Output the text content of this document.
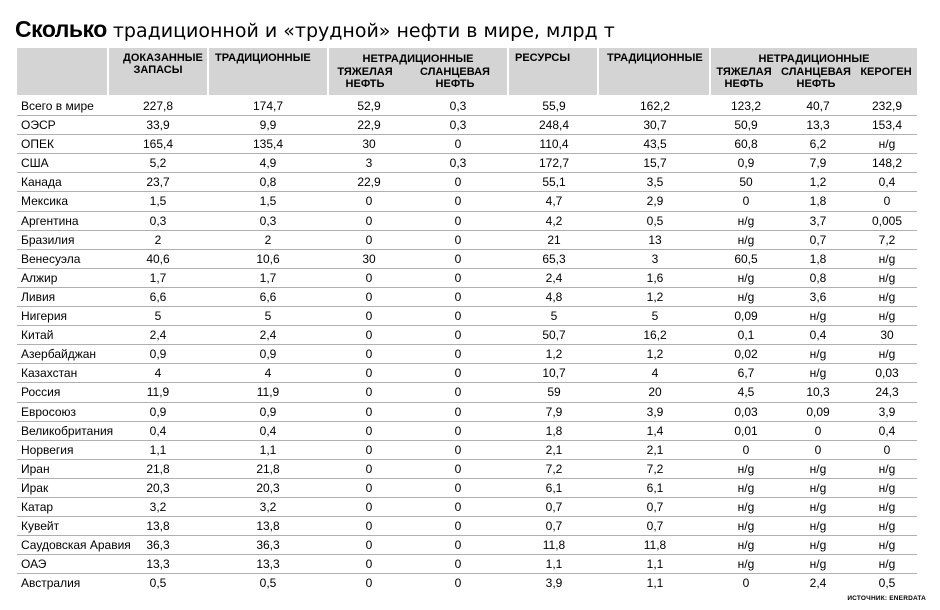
Сколько традиционной и «трудной» нефти в мире, млрд т
ДОКАЗАННЫЕ ЗАПАСЫ
ТРАДИЦИОННЫЕ	НЕТРАДИЦИОННЫЕ
ТЯЖЕЛАЯ НЕФТЬ
СЛАНЦЕВАЯ НЕФТЬ
РЕСУРСЫ	ТРАДИЦИОННЫЕ	НЕТРАДИЦИОННЫЕ
ТЯЖЕЛАЯ НЕФТЬ
СЛАНЦЕВАЯ НЕФТЬ
КЕРОГЕН
Всего в мире	227,8	174,7	52,9	0,3	55,9	162,2	123,2	40,7	232,9
ОЭСР	33,9	9,9	22,9	0,3	248,4	30,7	50,9	13,3	153,4
ОПЕК	165,4	135,4	30	0	110,4	43,5	60,8	6,2	н/g
США	5,2	4,9	3	0,3	172,7	15,7	0,9	7,9	148,2
Канада	23,7	0,8	22,9	0	55,1	3,5	50	1,2	0,4
Мексика	1,5	1,5	0	0	4,7	2,9	0	1,8	0
Аргентина	0,3	0,3	0	0	4,2	0,5	н/g	3,7	0,005
Бразилия	2	2	0	0	21	13	н/g	0,7	7,2
Венесуэла	40,6	10,6	30	0	65,3	3	60,5	1,8	н/g
Алжир	1,7	1,7	0	0	2,4	1,6	н/g	0,8	н/g
Ливия	6,6	6,6	0	0	4,8	1,2	н/g	3,6	н/g
Нигерия	5	5	0	0	5	5	0,09	н/g	н/g
Китай	2,4	2,4	0	0	50,7	16,2	0,1	0,4	30
Азербайджан	0,9	0,9	0	0	1,2	1,2	0,02	н/g	н/g
Казахстан	4	4	0	0	10,7	4	6,7	н/g	0,03
Россия	11,9	11,9	0	0	59	20	4,5	10,3	24,3
Евросоюз	0,9	0,9	0	0	7,9	3,9	0,03	0,09	3,9
Великобритания	0,4	0,4	0	0	1,8	1,4	0,01	0	0,4
Норвегия	1,1	1,1	0	0	2,1	2,1	0	0	0
Иран	21,8	21,8	0	0	7,2	7,2	н/g	н/g	н/g
Ирак	20,3	20,3	0	0	6,1	6,1	н/g	н/g	н/g
Катар	3,2	3,2	0	0	0,7	0,7	н/g	н/g	н/g
Кувейт	13,8	13,8	0	0	0,7	0,7	н/g	н/g	н/g
Саудовская Аравия	36,3	36,3	0	0	11,8	11,8	н/g	н/g	н/g
ОАЭ	13,3	13,3	0	0	1,1	1,1	н/g	н/g	н/g
Австралия	0,5	0,5	0	0	3,9	1,1	0	2,4	0,5
ИСТОЧНИК: ENERDATA
